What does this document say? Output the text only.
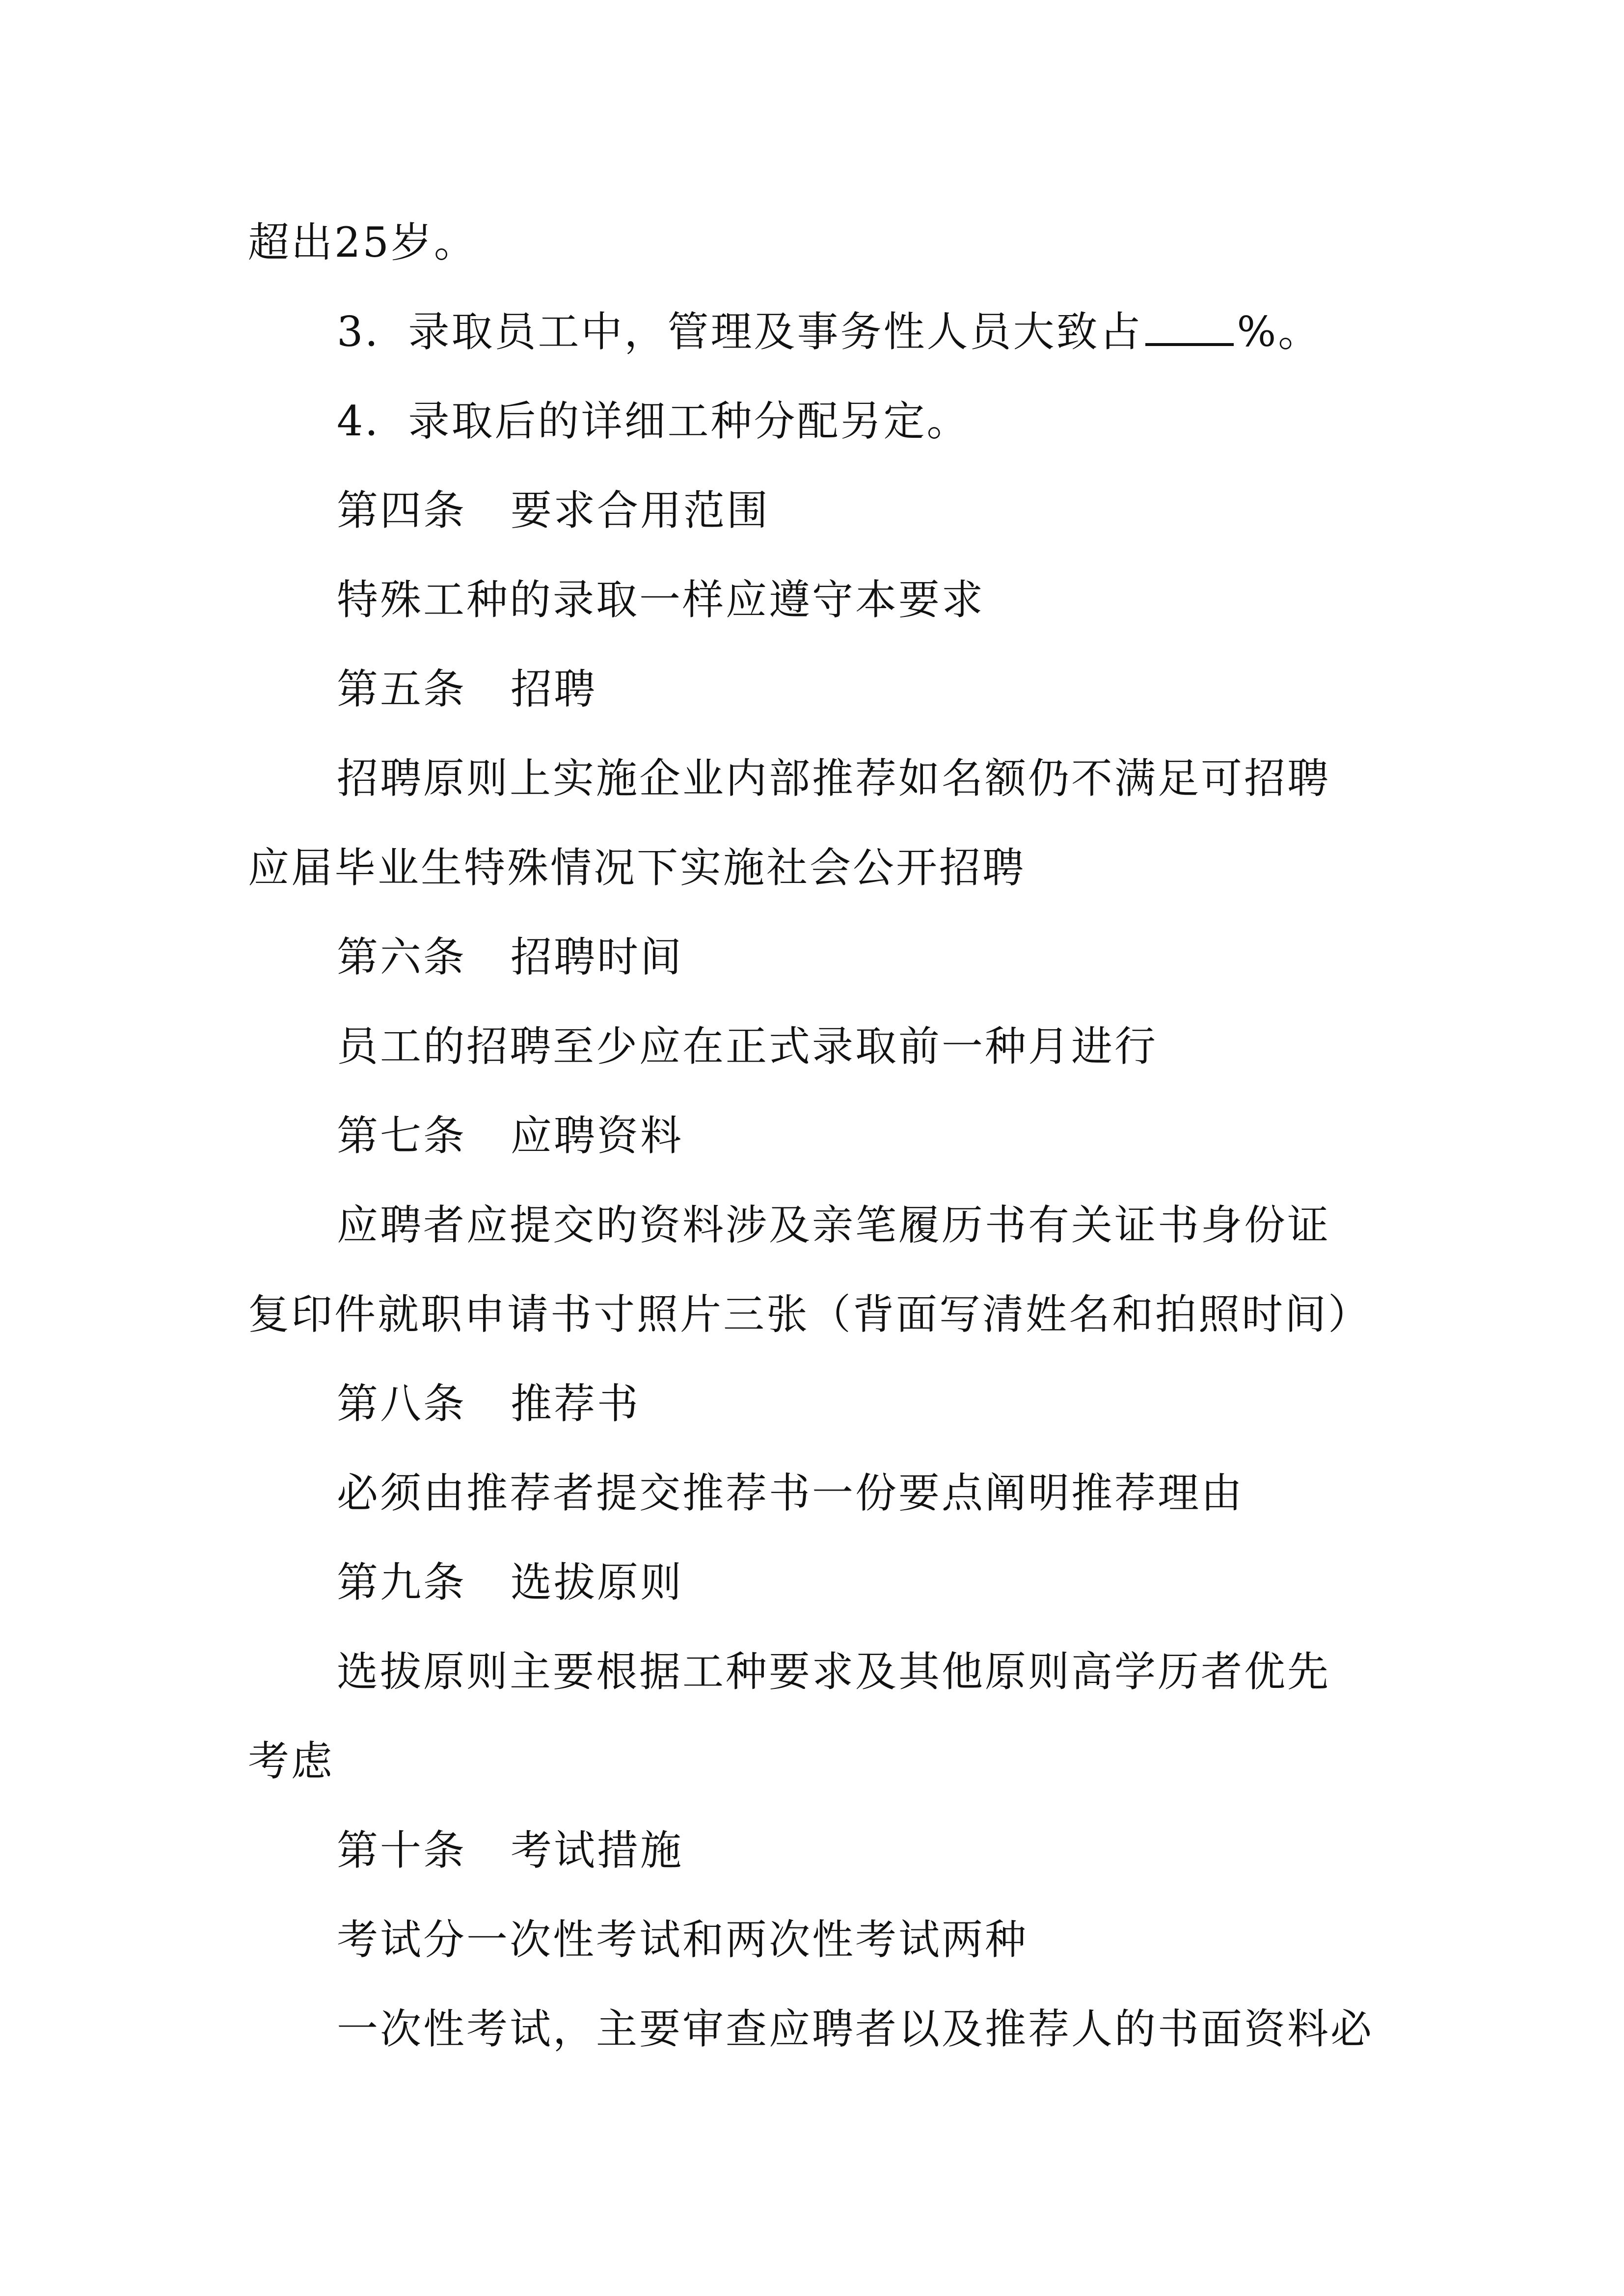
超出25岁。
3．录取员工中，管理及事务性人员大致占 %。
4．录取后的详细工种分配另定。
第四条 要求合用范围
特殊工种的录取一样应遵守本要求
第五条 招聘
招聘原则上实施企业内部推荐如名额仍不满足可招聘
应届毕业生特殊情况下实施社会公开招聘
第六条 招聘时间
员工的招聘至少应在正式录取前一种月进行
第七条 应聘资料
应聘者应提交旳资料涉及亲笔履历书有关证书身份证
复印件就职申请书寸照片三张（背面写清姓名和拍照时间）
第八条 推荐书
必须由推荐者提交推荐书一份要点阐明推荐理由
第九条 选拔原则
选拔原则主要根据工种要求及其他原则高学历者优先
考虑
第十条 考试措施
考试分一次性考试和两次性考试两种
一次性考试，主要审查应聘者以及推荐人的书面资料必
